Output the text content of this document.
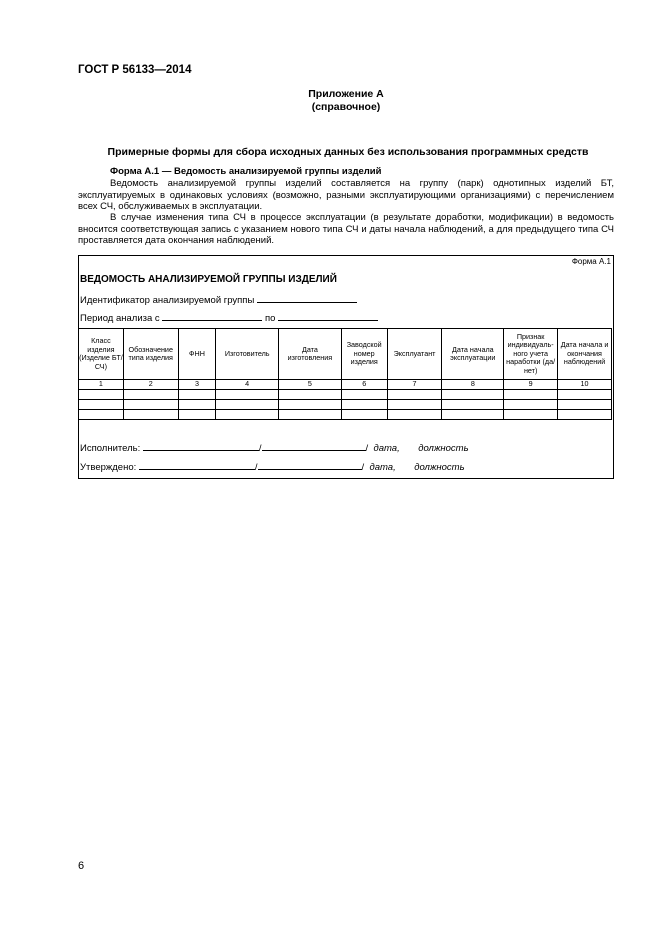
ГОСТ Р 56133—2014
Приложение А
(справочное)
Примерные формы для сбора исходных данных без использования программных средств
Форма А.1 — Ведомость анализируемой группы изделий
Ведомость анализируемой группы изделий составляется на группу (парк) однотипных изделий БТ, эксплуатируемых в одинаковых условиях (возможно, разными эксплуатирующими организациями) с перечислением всех СЧ, обслуживаемых в эксплуатации.
В случае изменения типа СЧ в процессе эксплуатации (в результате доработки, модификации) в ведомость вносится соответствующая запись с указанием нового типа СЧ и даты начала наблюдений, а для предыдущего типа СЧ проставляется дата окончания наблюдений.
Форма А.1
ВЕДОМОСТЬ АНАЛИЗИРУЕМОЙ ГРУППЫ ИЗДЕЛИЙ
Идентификатор анализируемой группы
Период анализа с	по
Класс изделия (Изделие БТ/СЧ)	Обозначение типа изделия	ФНН	Изготовитель	Дата изготовления	Заводской номер изделия	Эксплуатант	Дата начала эксплуатации	Признак индивидуального учета наработки (да/нет)	Дата начала и окончания наблюдений
1	2	3	4	5	6	7	8	9	10

Исполнитель:	/	/ дата, должность
Утверждено:	/	/ дата, должность
6
